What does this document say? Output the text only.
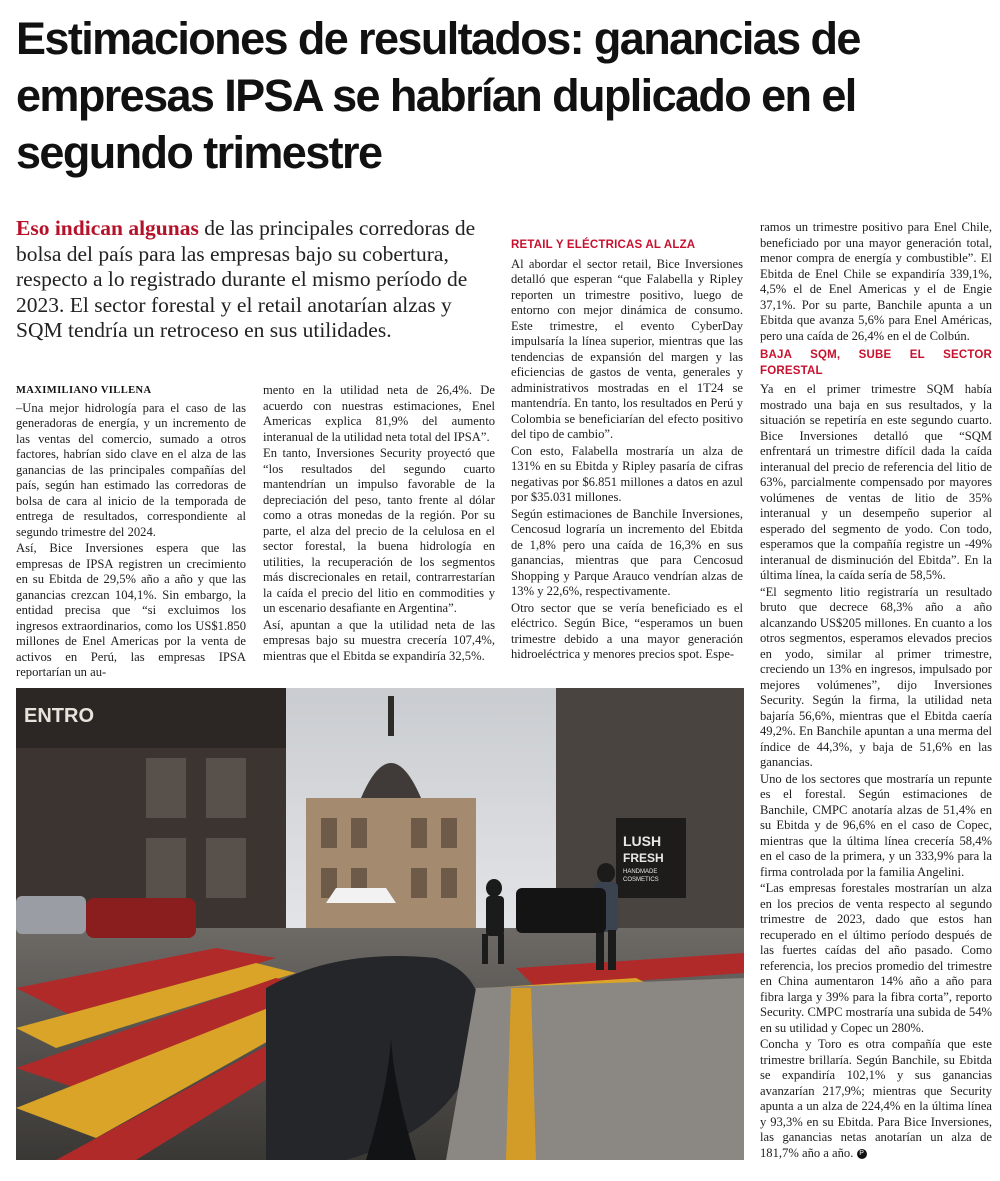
Estimaciones de resultados: ganancias de empresas IPSA se habrían duplicado en el segundo trimestre

Eso indican algunas de las principales corredoras de bolsa del país para las empresas bajo su cobertura, respecto a lo registrado durante el mismo período de 2023. El sector forestal y el retail anotarían alzas y SQM tendría un retroceso en sus utilidades.

MAXIMILIANO VILLENA

–Una mejor hidrología para el caso de las generadoras de energía, y un incremento de las ventas del comercio, sumado a otros factores, habrían sido clave en el alza de las ganancias de las principales compañías del país, según han estimado las corredoras de bolsa de cara al inicio de la temporada de entrega de resultados, correspondiente al segundo trimestre del 2024.

Así, Bice Inversiones espera que las empresas de IPSA registren un crecimiento en su Ebitda de 29,5% año a año y que las ganancias crezcan 104,1%. Sin embargo, la entidad precisa que “si excluimos los ingresos extraordinarios, como los US$1.850 millones de Enel Americas por la venta de activos en Perú, las empresas IPSA reportarían un au-

mento en la utilidad neta de 26,4%. De acuerdo con nuestras estimaciones, Enel Americas explica 81,9% del aumento interanual de la utilidad neta total del IPSA”.

En tanto, Inversiones Security proyectó que “los resultados del segundo cuarto mantendrían un impulso favorable de la depreciación del peso, tanto frente al dólar como a otras monedas de la región. Por su parte, el alza del precio de la celulosa en el sector forestal, la buena hidrología en utilities, la recuperación de los segmentos más discrecionales en retail, contrarrestarían la caída el precio del litio en commodities y un escenario desafiante en Argentina”.

Así, apuntan a que la utilidad neta de las empresas bajo su muestra crecería 107,4%, mientras que el Ebitda se expandiría 32,5%.

RETAIL Y ELÉCTRICAS AL ALZA

Al abordar el sector retail, Bice Inversiones detalló que esperan “que Falabella y Ripley reporten un trimestre positivo, luego de entorno con mejor dinámica de consumo. Este trimestre, el evento CyberDay impulsaría la línea superior, mientras que las tendencias de expansión del margen y las eficiencias de gastos de venta, generales y administrativos mostradas en el 1T24 se mantendría. En tanto, los resultados en Perú y Colombia se beneficiarían del efecto positivo del tipo de cambio”.

Con esto, Falabella mostraría un alza de 131% en su Ebitda y Ripley pasaría de cifras negativas por $6.851 millones a datos en azul por $35.031 millones.

Según estimaciones de Banchile Inversiones, Cencosud lograría un incremento del Ebitda de 1,8% pero una caída de 16,3% en sus ganancias, mientras que para Cencosud Shopping y Parque Arauco vendrían alzas de 13% y 22,6%, respectivamente.

Otro sector que se vería beneficiado es el eléctrico. Según Bice, “esperamos un buen trimestre debido a una mayor generación hidroeléctrica y menores precios spot. Espe-

ramos un trimestre positivo para Enel Chile, beneficiado por una mayor generación total, menor compra de energía y combustible”. El Ebitda de Enel Chile se expandiría 339,1%, 4,5% el de Enel Americas y el de Engie 37,1%. Por su parte, Banchile apunta a un Ebitda que avanza 5,6% para Enel Américas, pero una caída de 26,4% en el de Colbún.

BAJA SQM, SUBE EL SECTOR FORESTAL

Ya en el primer trimestre SQM había mostrado una baja en sus resultados, y la situación se repetiría en este segundo cuarto. Bice Inversiones detalló que “SQM enfrentará un trimestre difícil dada la caída interanual del precio de referencia del litio de 63%, parcialmente compensado por mayores volúmenes de ventas de litio de 35% interanual y un desempeño superior al esperado del segmento de yodo. Con todo, esperamos que la compañía registre un -49% interanual de disminución del Ebitda”. En la última línea, la caída sería de 58,5%.

“El segmento litio registraría un resultado bruto que decrece 68,3% año a año alcanzando US$205 millones. En cuanto a los otros segmentos, esperamos elevados precios en yodo, similar al primer trimestre, creciendo un 13% en ingresos, impulsado por mejores volúmenes”, dijo Inversiones Security. Según la firma, la utilidad neta bajaría 56,6%, mientras que el Ebitda caería 49,2%. En Banchile apuntan a una merma del índice de 44,3%, y baja de 51,6% en las ganancias.

Uno de los sectores que mostraría un repunte es el forestal. Según estimaciones de Banchile, CMPC anotaría alzas de 51,4% en su Ebitda y de 96,6% en el caso de Copec, mientras que la última línea crecería 58,4% en el caso de la primera, y un 333,9% para la firma controlada por la familia Angelini.

“Las empresas forestales mostrarían un alza en los precios de venta respecto al segundo trimestre de 2023, dado que estos han recuperado en el último período después de las fuertes caídas del año pasado. Como referencia, los precios promedio del trimestre en China aumentaron 14% año a año para fibra larga y 39% para la fibra corta”, reporto Security. CMPC mostraría una subida de 54% en su utilidad y Copec un 280%.

Concha y Toro es otra compañía que este trimestre brillaría. Según Banchile, su Ebitda se expandiría 102,1% y sus ganancias avanzarían 217,9%; mientras que Security apunta a un alza de 224,4% en la última línea y 93,3% en su Ebitda. Para Bice Inversiones, las ganancias netas anotarían un alza de 181,7% año a año. P

ENTRO
LUSH
FRESH
HANDMADE
COSMETICS
